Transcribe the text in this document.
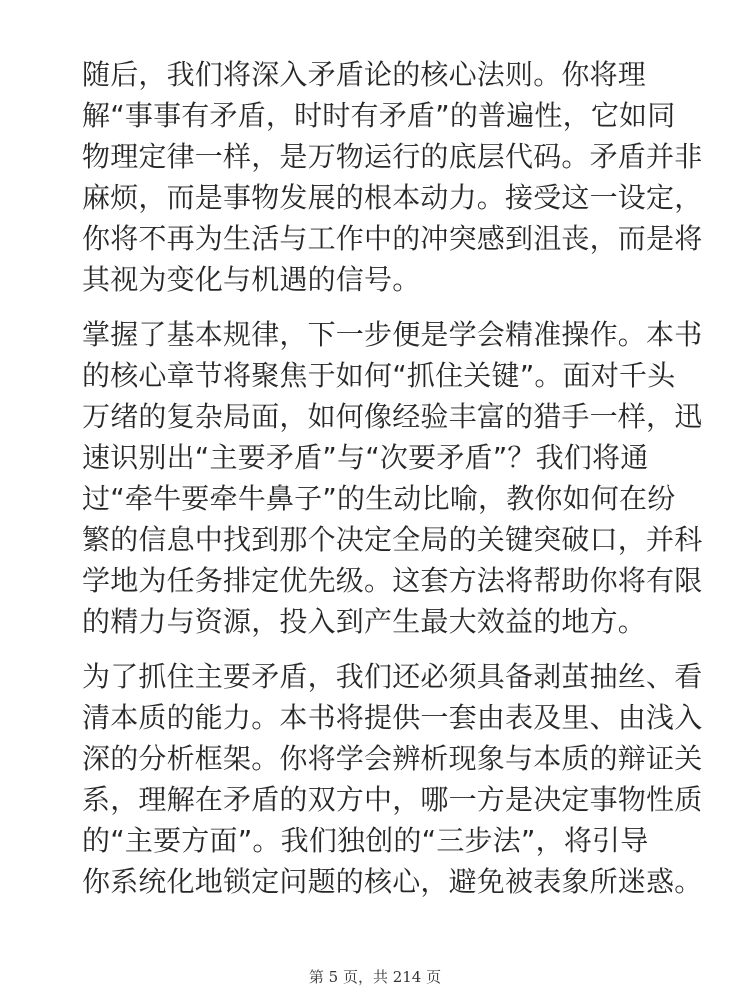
随后，我们将深入矛盾论的核心法则。你将理
解“事事有矛盾，时时有矛盾”的普遍性，它如同
物理定律一样，是万物运行的底层代码。矛盾并非
麻烦，而是事物发展的根本动力。接受这一设定，
你将不再为生活与工作中的冲突感到沮丧，而是将
其视为变化与机遇的信号。
掌握了基本规律，下一步便是学会精准操作。本书
的核心章节将聚焦于如何“抓住关键”。面对千头
万绪的复杂局面，如何像经验丰富的猎手一样，迅
速识别出“主要矛盾”与“次要矛盾”？我们将通
过“牵牛要牵牛鼻子”的生动比喻，教你如何在纷
繁的信息中找到那个决定全局的关键突破口，并科
学地为任务排定优先级。这套方法将帮助你将有限
的精力与资源，投入到产生最大效益的地方。
为了抓住主要矛盾，我们还必须具备剥茧抽丝、看
清本质的能力。本书将提供一套由表及里、由浅入
深的分析框架。你将学会辨析现象与本质的辩证关
系，理解在矛盾的双方中，哪一方是决定事物性质
的“主要方面”。我们独创的“三步法”，将引导
你系统化地锁定问题的核心，避免被表象所迷惑。
第 5 页，共 214 页
